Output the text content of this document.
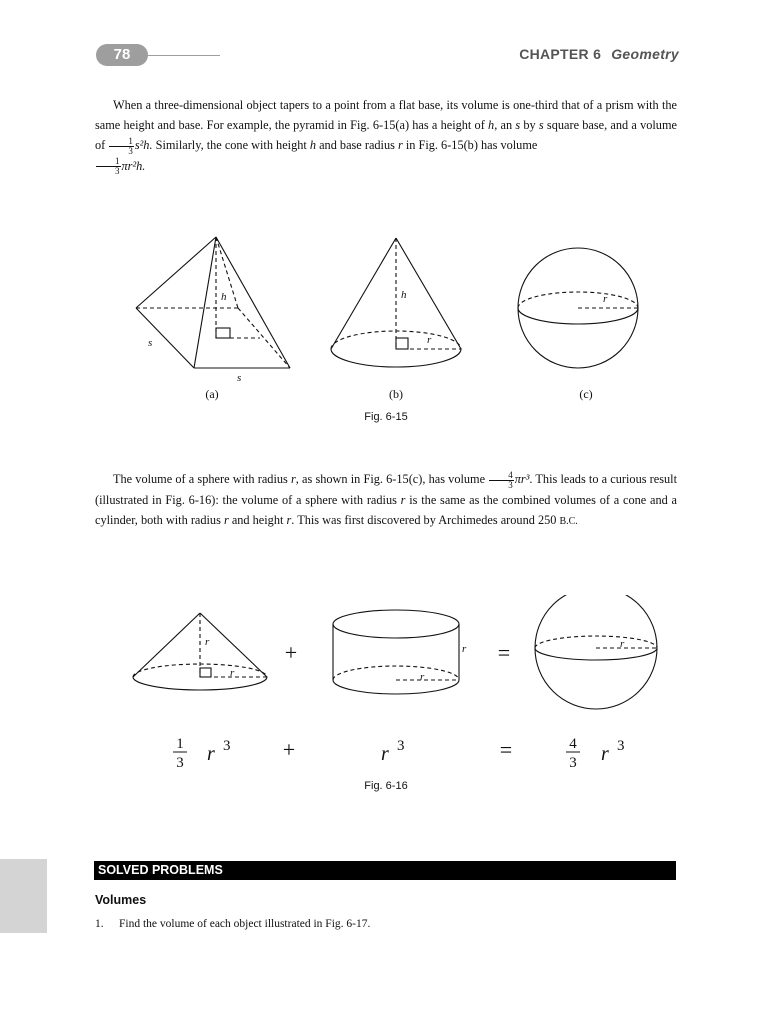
78	CHAPTER 6 Geometry
When a three-dimensional object tapers to a point from a flat base, its volume is one-third that of a prism with the same height and base. For example, the pyramid in Fig. 6-15(a) has a height of h, an s by s square base, and a volume of $\frac{1}{3} s^2h$. Similarly, the cone with height h and base radius r in Fig. 6-15(b) has volume

$\frac{1}{3} \pi r^2h$.
h
s
s
h
r
r
(a)	(b)	(c)
Fig. 6-15
The volume of a sphere with radius r, as shown in Fig. 6-15(c), has volume $\frac{4}{3} \pi r^3$. This leads to a curious result (illustrated in Fig. 6-16): the volume of a sphere with radius r is the same as the combined volumes of a cone and a cylinder, both with radius r and height r. This was first discovered by Archimedes around 250 B.C.
r
r
r
r
r
+	=
1
3 r 3 +	r 3	=	4
3 r 3
Fig. 6-16
SOLVED PROBLEMS
Volumes
1. Find the volume of each object illustrated in Fig. 6-17.
